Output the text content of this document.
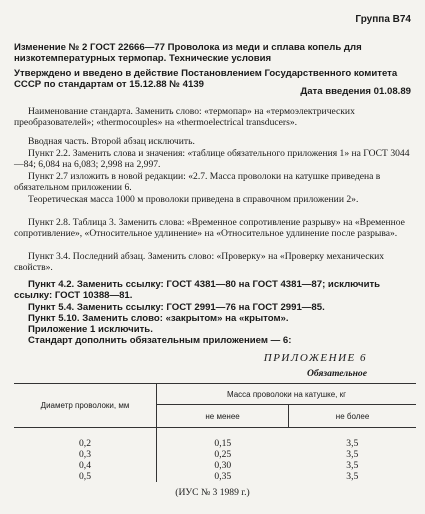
Группа В74
Изменение № 2 ГОСТ 22666—77 Проволока из меди и сплава копель для низкотемпературных термопар. Технические условия
Утверждено и введено в действие Постановлением Государственного комитета СССР по стандартам от 15.12.88 № 4139
Дата введения 01.08.89
Наименование стандарта. Заменить слово: «термопар» на «термоэлектрических преобразователей»; «thermocouples» на «thermoelectrical transducers».
Вводная часть. Второй абзац исключить.
Пункт 2.2. Заменить слова и значения: «таблице обязательного приложения 1» на ГОСТ 3044—84; 6,084 на 6,083; 2,998 на 2,997.
Пункт 2.7 изложить в новой редакции: «2.7. Масса проволоки на катушке приведена в обязательном приложении 6.
Теоретическая масса 1000 м проволоки приведена в справочном приложении 2».
Пункт 2.8. Таблица 3. Заменить слова: «Временное сопротивление разрыву» на «Временное сопротивление», «Относительное удлинение» на «Относительное удлинение после разрыва».
Пункт 3.4. Последний абзац. Заменить слово: «Проверку» на «Проверку механических свойств».
Пункт 4.2. Заменить ссылку: ГОСТ 4381—80 на ГОСТ 4381—87; исключить ссылку: ГОСТ 10388—81.
Пункт 5.4. Заменить ссылку: ГОСТ 2991—76 на ГОСТ 2991—85.
Пункт 5.10. Заменить слово: «закрытом» на «крытом».
Приложение 1 исключить.
Стандарт дополнить обязательным приложением — 6:
ПРИЛОЖЕНИЕ 6
Обязательное
Диаметр проволоки, мм	Масса проволоки на катушке, кг	
	не менее	не более

0,2	0,15	3,5
0,3	0,25	3,5
0,4	0,30	3,5
0,5	0,35	3,5
(ИУС № 3 1989 г.)
